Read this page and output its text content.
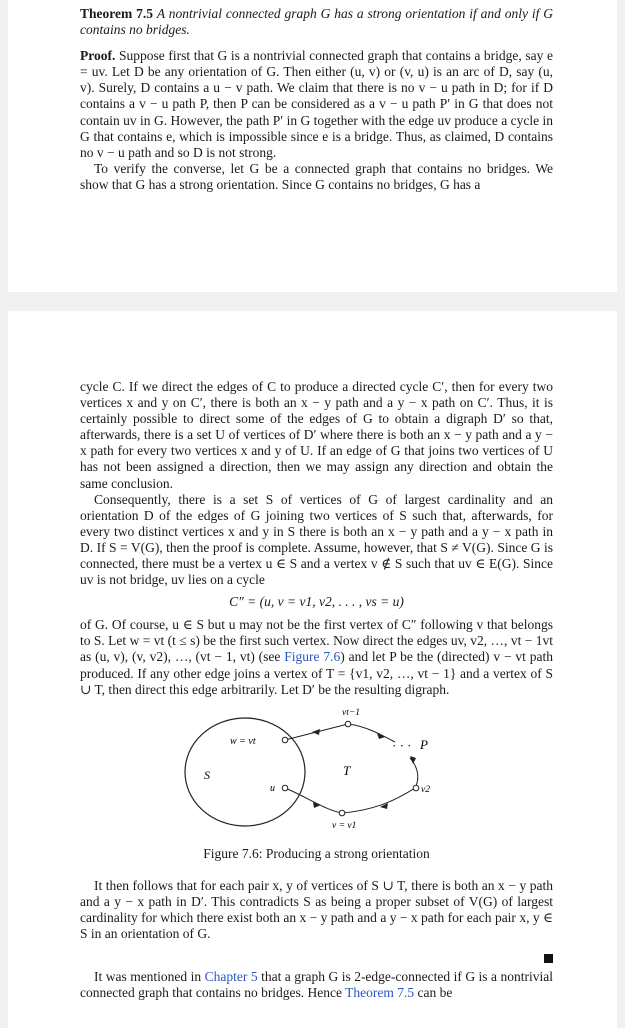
Theorem 7.5 A nontrivial connected graph G has a strong orientation if and only if G contains no bridges.

Proof. Suppose first that G is a nontrivial connected graph that contains a bridge, say e = uv. Let D be any orientation of G. Then either (u, v) or (v, u) is an arc of D, say (u, v). Surely, D contains a u − v path. We claim that there is no v − u path in D; for if D contains a v − u path P, then P can be considered as a v − u path P′ in G that does not contain uv in G. However, the path P′ in G together with the edge uv produce a cycle in G that contains e, which is impossible since e is a bridge. Thus, as claimed, D contains no v − u path and so D is not strong.

To verify the converse, let G be a connected graph that contains no bridges. We show that G has a strong orientation. Since G contains no bridges, G has a

cycle C. If we direct the edges of C to produce a directed cycle C′, then for every two vertices x and y on C′, there is both an x − y path and a y − x path on C′. Thus, it is certainly possible to direct some of the edges of G to obtain a digraph D′ so that, afterwards, there is a set U of vertices of D′ where there is both an x − y path and a y − x path for every two vertices x and y of U. If an edge of G that joins two vertices of U has not been assigned a direction, then we may assign any direction and obtain the same conclusion.

Consequently, there is a set S of vertices of G of largest cardinality and an orientation D of the edges of G joining two vertices of S such that, afterwards, for every two distinct vertices x and y in S there is both an x − y path and a y − x path in D. If S = V(G), then the proof is complete. Assume, however, that S ≠ V(G). Since G is connected, there must be a vertex u ∈ S and a vertex v ∉ S such that uv ∈ E(G). Since uv is not bridge, uv lies on a cycle

C″ = (u, v = v1, v2, . . . , vs = u)

of G. Of course, u ∈ S but u may not be the first vertex of C″ following v that belongs to S. Let w = vt (t ≤ s) be the first such vertex. Now direct the edges uv, v2, …, vt − 1vt as (u, v), (v, v2), …, (vt − 1, vt) (see Figure 7.6) and let P be the (directed) v − vt path produced. If any other edge joins a vertex of T = {v1, v2, …, vt − 1} and a vertex of S ∪ T, then direct this edge arbitrarily. Let D′ be the resulting digraph.

w = vt
u
S	T
P
v = v1
v2
vt−1
· · ·
Figure 7.6: Producing a strong orientation

It then follows that for each pair x, y of vertices of S ∪ T, there is both an x − y path and a y − x path in D′. This contradicts S as being a proper subset of V(G) of largest cardinality for which there exist both an x − y path and a y − x path for each pair x, y ∈ S in an orientation of G.

It was mentioned in Chapter 5 that a graph G is 2-edge-connected if G is a nontrivial connected graph that contains no bridges. Hence Theorem 7.5 can be
